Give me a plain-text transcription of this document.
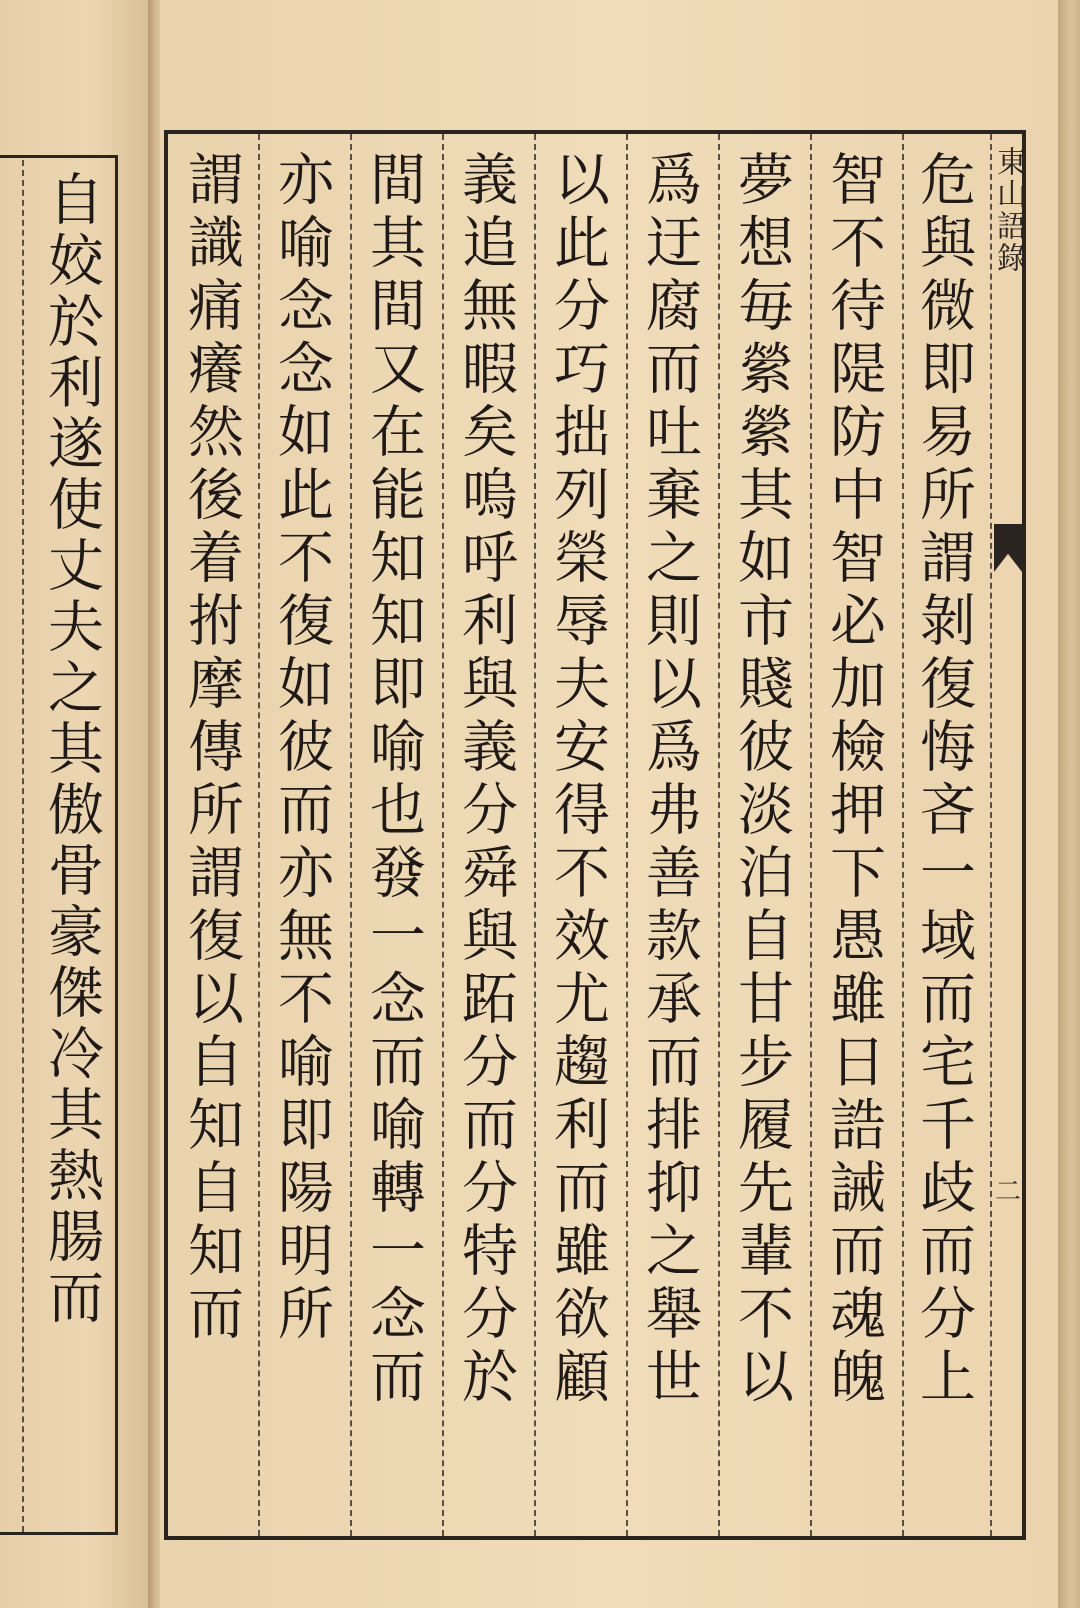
自姣於利遂使丈夫之其傲骨豪傑冷其熱腸而	危與微即易所謂剝復悔吝一域而宅千歧而分上
智不待隄防中智必加檢押下愚雖日誥誡而魂魄
夢想毎縈縈其如市賤彼淡泊自甘步履先輩不以
爲迂腐而吐棄之則以爲弗善款承而排抑之舉世
以此分巧拙列榮辱夫安得不效尤趨利而雖欲顧
義追無暇矣嗚呼利與義分舜與跖分而分特分於
間其間又在能知知即喻也發一念而喻轉一念而
亦喻念念如此不復如彼而亦無不喻即陽明所
謂識痛癢然後着拊摩傳所謂復以自知自知而	東山語錄
二
